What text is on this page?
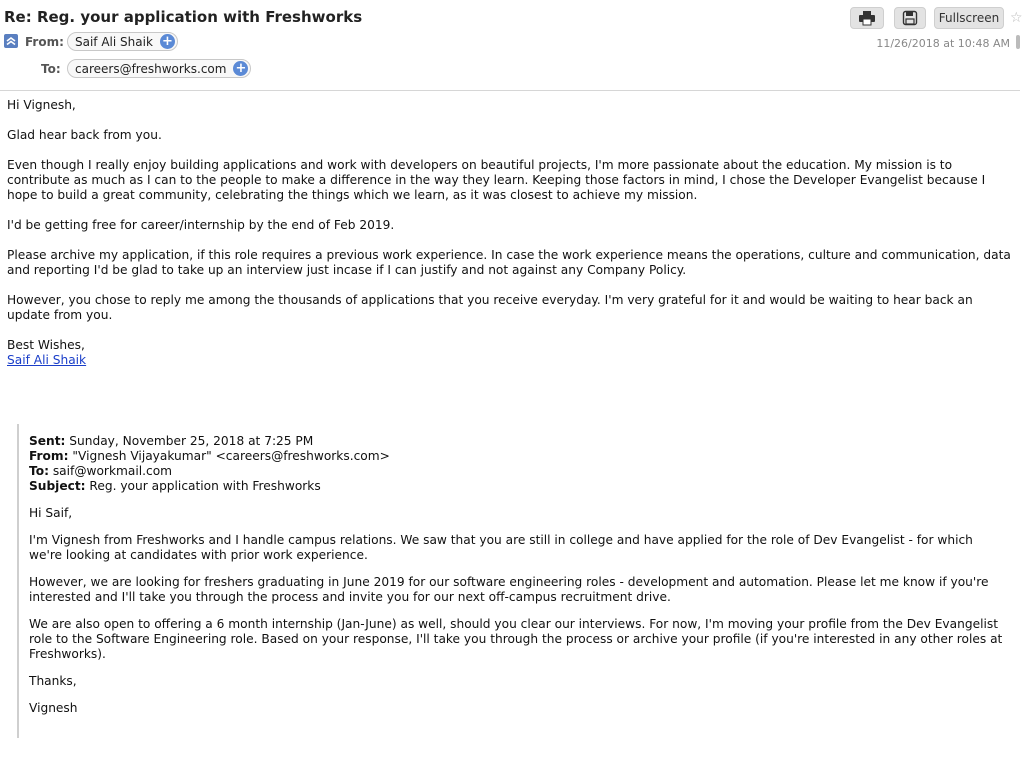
Re: Reg. your application with Freshworks	Fullscreen ☆
From: Saif Ali Shaik +
To:	careers@freshworks.com +
11/26/2018 at 10:48 AM

Hi Vignesh,

Glad hear back from you.

Even though I really enjoy building applications and work with developers on beautiful projects, I'm more passionate about the education. My mission is to contribute as much as I can to the people to make a difference in the way they learn. Keeping those factors in mind, I chose the Developer Evangelist because I hope to build a great community, celebrating the things which we learn, as it was closest to achieve my mission.

I'd be getting free for career/internship by the end of Feb 2019.

Please archive my application, if this role requires a previous work experience. In case the work experience means the operations, culture and communication, data and reporting I'd be glad to take up an interview just incase if I can justify and not against any Company Policy.

However, you chose to reply me among the thousands of applications that you receive everyday. I'm very grateful for it and would be waiting to hear back an update from you.

Best Wishes,
Saif Ali Shaik
Sent: Sunday, November 25, 2018 at 7:25 PM
From: "Vignesh Vijayakumar" <careers@freshworks.com>
To: saif@workmail.com
Subject: Reg. your application with Freshworks

Hi Saif,

I'm Vignesh from Freshworks and I handle campus relations. We saw that you are still in college and have applied for the role of Dev Evangelist - for which we're looking at candidates with prior work experience.

However, we are looking for freshers graduating in June 2019 for our software engineering roles - development and automation. Please let me know if you're interested and I'll take you through the process and invite you for our next off-campus recruitment drive.

We are also open to offering a 6 month internship (Jan-June) as well, should you clear our interviews. For now, I'm moving your profile from the Dev Evangelist role to the Software Engineering role. Based on your response, I'll take you through the process or archive your profile (if you're interested in any other roles at Freshworks).

Thanks,

Vignesh
